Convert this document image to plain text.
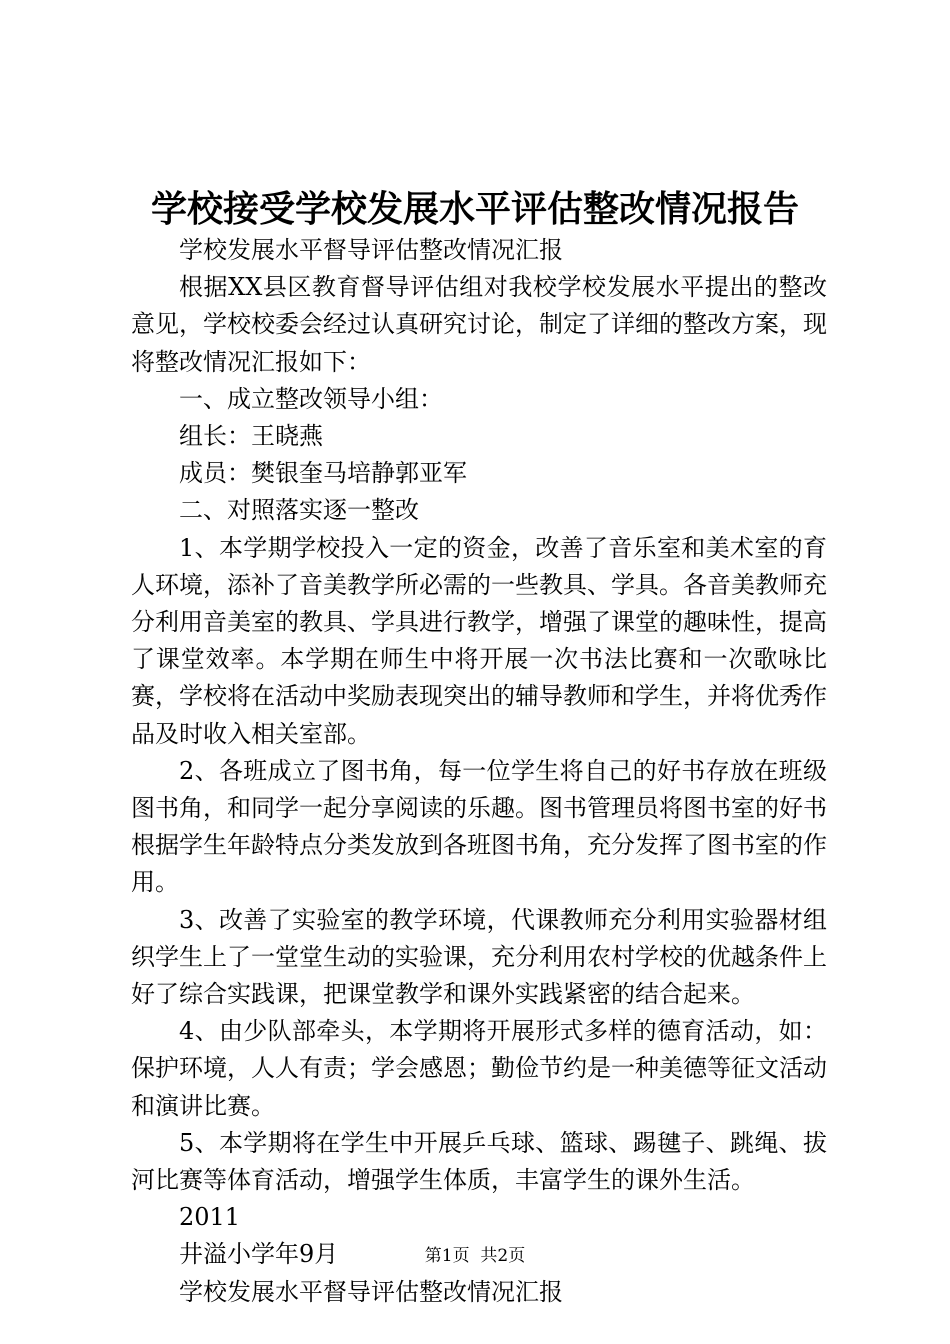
学校接受学校发展水平评估整改情况报告

学校发展水平督导评估整改情况汇报

根据XX县区教育督导评估组对我校学校发展水平提出的整改意见，学校校委会经过认真研究讨论，制定了详细的整改方案，现将整改情况汇报如下：

一、成立整改领导小组：

组长：王晓燕

成员：樊银奎马培静郭亚军

二、对照落实逐一整改

1、本学期学校投入一定的资金，改善了音乐室和美术室的育人环境，添补了音美教学所必需的一些教具、学具。各音美教师充分利用音美室的教具、学具进行教学，增强了课堂的趣味性，提高了课堂效率。本学期在师生中将开展一次书法比赛和一次歌咏比赛，学校将在活动中奖励表现突出的辅导教师和学生，并将优秀作品及时收入相关室部。

2、各班成立了图书角，每一位学生将自己的好书存放在班级图书角，和同学一起分享阅读的乐趣。图书管理员将图书室的好书根据学生年龄特点分类发放到各班图书角，充分发挥了图书室的作用。

3、改善了实验室的教学环境，代课教师充分利用实验器材组织学生上了一堂堂生动的实验课，充分利用农村学校的优越条件上好了综合实践课，把课堂教学和课外实践紧密的结合起来。

4、由少队部牵头，本学期将开展形式多样的德育活动，如：保护环境，人人有责；学会感恩；勤俭节约是一种美德等征文活动和演讲比赛。

5、本学期将在学生中开展乒乓球、篮球、踢毽子、跳绳、拔河比赛等体育活动，增强学生体质，丰富学生的课外生活。

2011

井溢小学年9月

学校发展水平督导评估整改情况汇报

第1页 共2页
